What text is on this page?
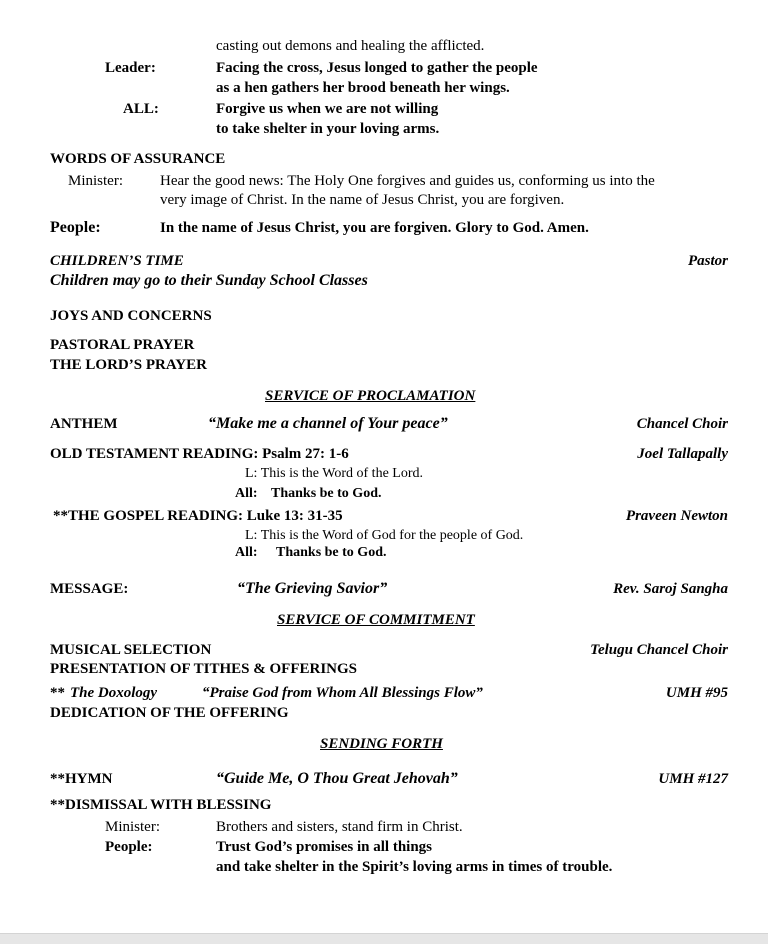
casting out demons and healing the afflicted.
Leader:	Facing the cross, Jesus longed to gather the people
as a hen gathers her brood beneath her wings.
ALL:	Forgive us when we are not willing
to take shelter in your loving arms.
WORDS OF ASSURANCE
Minister: Hear the good news: The Holy One forgives and guides us, conforming us into the
very image of Christ. In the name of Jesus Christ, you are forgiven.
People:	In the name of Jesus Christ, you are forgiven. Glory to God. Amen.
CHILDREN’S TIME	Pastor
Children may go to their Sunday School Classes
JOYS AND CONCERNS
PASTORAL PRAYER
THE LORD’S PRAYER
SERVICE OF PROCLAMATION
ANTHEM	“Make me a channel of Your peace”	Chancel Choir
OLD TESTAMENT READING: Psalm 27: 1-6	Joel Tallapally
L: This is the Word of the Lord.
All: Thanks be to God.
**THE GOSPEL READING: Luke 13: 31-35	Praveen Newton
L: This is the Word of God for the people of God.
All: Thanks be to God.
MESSAGE:	“The Grieving Savior”	Rev. Saroj Sangha
SERVICE OF COMMITMENT
MUSICAL SELECTION	Telugu Chancel Choir
PRESENTATION OF TITHES & OFFERINGS
** The Doxology	“Praise God from Whom All Blessings Flow”	UMH #95
DEDICATION OF THE OFFERING
SENDING FORTH
**HYMN	“Guide Me, O Thou Great Jehovah”	UMH #127
**DISMISSAL WITH BLESSING
Minister:	Brothers and sisters, stand firm in Christ.
People:	Trust God’s promises in all things
and take shelter in the Spirit’s loving arms in times of trouble.
